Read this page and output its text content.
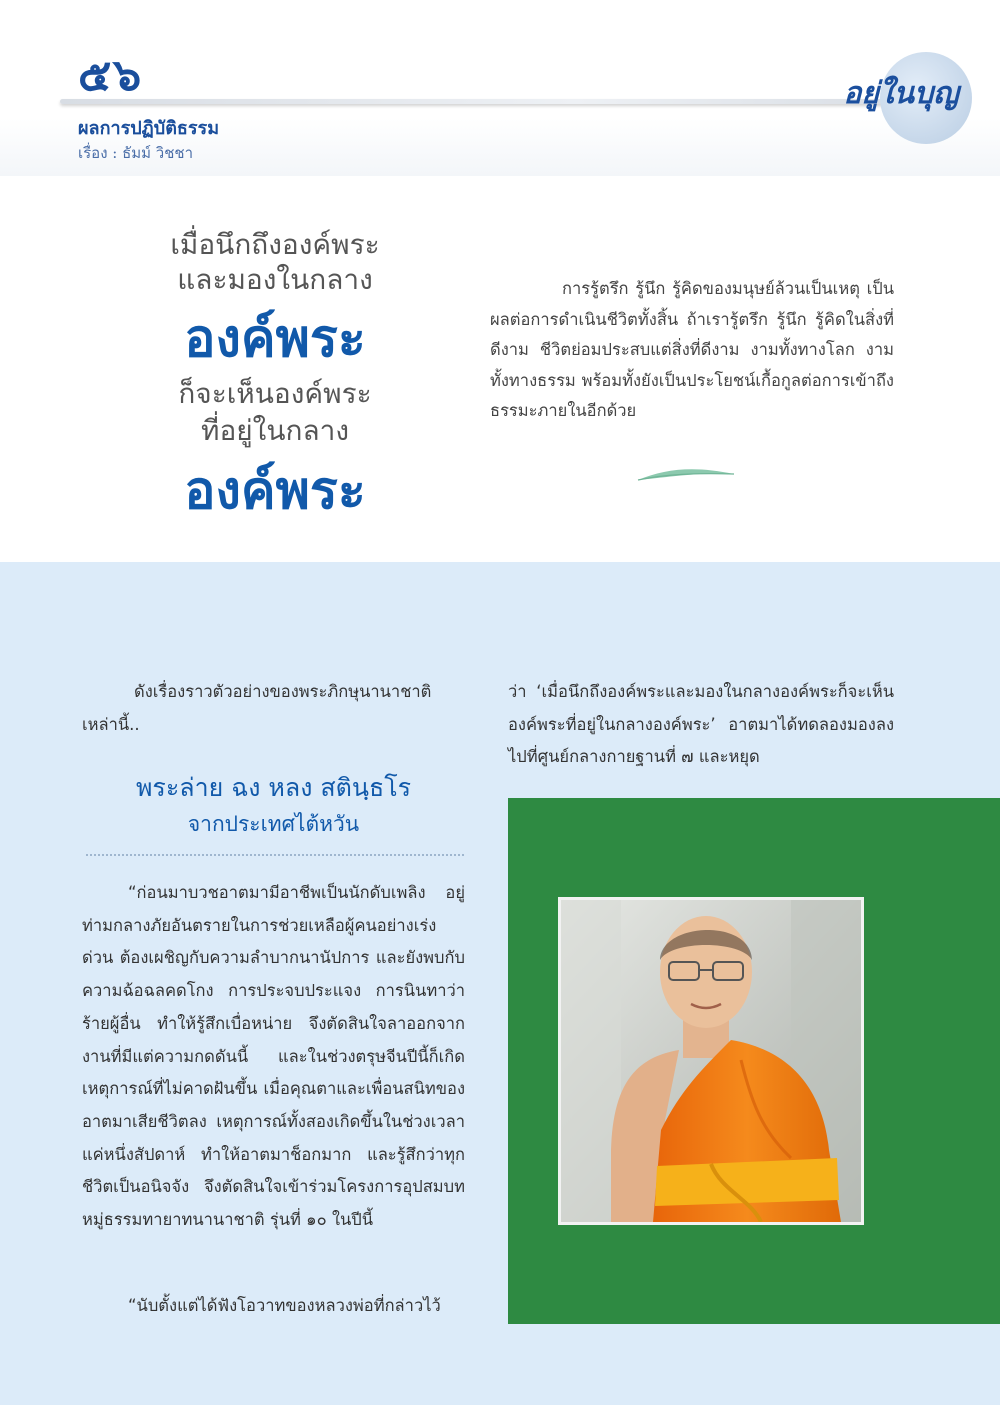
๕๖	อยู่ในบุญ
ผลการปฏิบัติธรรม
เรื่อง : ธัมม์ วิชชา
เมื่อนึกถึงองค์พระ
และมองในกลาง
องค์พระ
ก็จะเห็นองค์พระ
ที่อยู่ในกลาง
องค์พระ

การรู้ตรึก รู้นึก รู้คิดของมนุษย์ล้วนเป็นเหตุ เป็นผลต่อการดำเนินชีวิตทั้งสิ้น ถ้าเรารู้ตรึก รู้นึก รู้คิดในสิ่งที่ดีงาม ชีวิตย่อมประสบแต่สิ่งที่ดีงาม งามทั้งทางโลก งามทั้งทางธรรม พร้อมทั้งยังเป็นประโยชน์เกื้อกูลต่อการเข้าถึงธรรมะภายในอีกด้วย

ดังเรื่องราวตัวอย่างของพระภิกษุนานาชาติเหล่านี้..

พระล่าย ฉง หลง สตินฺธโร
จากประเทศไต้หวัน

“ก่อนมาบวชอาตมามีอาชีพเป็นนักดับเพลิง อยู่ท่ามกลางภัยอันตรายในการช่วยเหลือผู้คนอย่างเร่งด่วน ต้องเผชิญกับความลำบากนานัปการ และยังพบกับความฉ้อฉลคดโกง การประจบประแจง การนินทาว่าร้ายผู้อื่น ทำให้รู้สึกเบื่อหน่าย จึงตัดสินใจลาออกจากงานที่มีแต่ความกดดันนี้ และในช่วงตรุษจีนปีนี้ก็เกิดเหตุการณ์ที่ไม่คาดฝันขึ้น เมื่อคุณตาและเพื่อนสนิทของอาตมาเสียชีวิตลง เหตุการณ์ทั้งสองเกิดขึ้นในช่วงเวลาแค่หนึ่งสัปดาห์ ทำให้อาตมาช็อกมาก และรู้สึกว่าทุกชีวิตเป็นอนิจจัง จึงตัดสินใจเข้าร่วมโครงการอุปสมบทหมู่ธรรมทายาทนานาชาติ รุ่นที่ ๑๐ ในปีนี้

“นับตั้งแต่ได้ฟังโอวาทของหลวงพ่อที่กล่าวไว้

ว่า ‘เมื่อนึกถึงองค์พระและมองในกลางองค์พระก็จะเห็นองค์พระที่อยู่ในกลางองค์พระ’ อาตมาได้ทดลองมองลงไปที่ศูนย์กลางกายฐานที่ ๗ และหยุด
